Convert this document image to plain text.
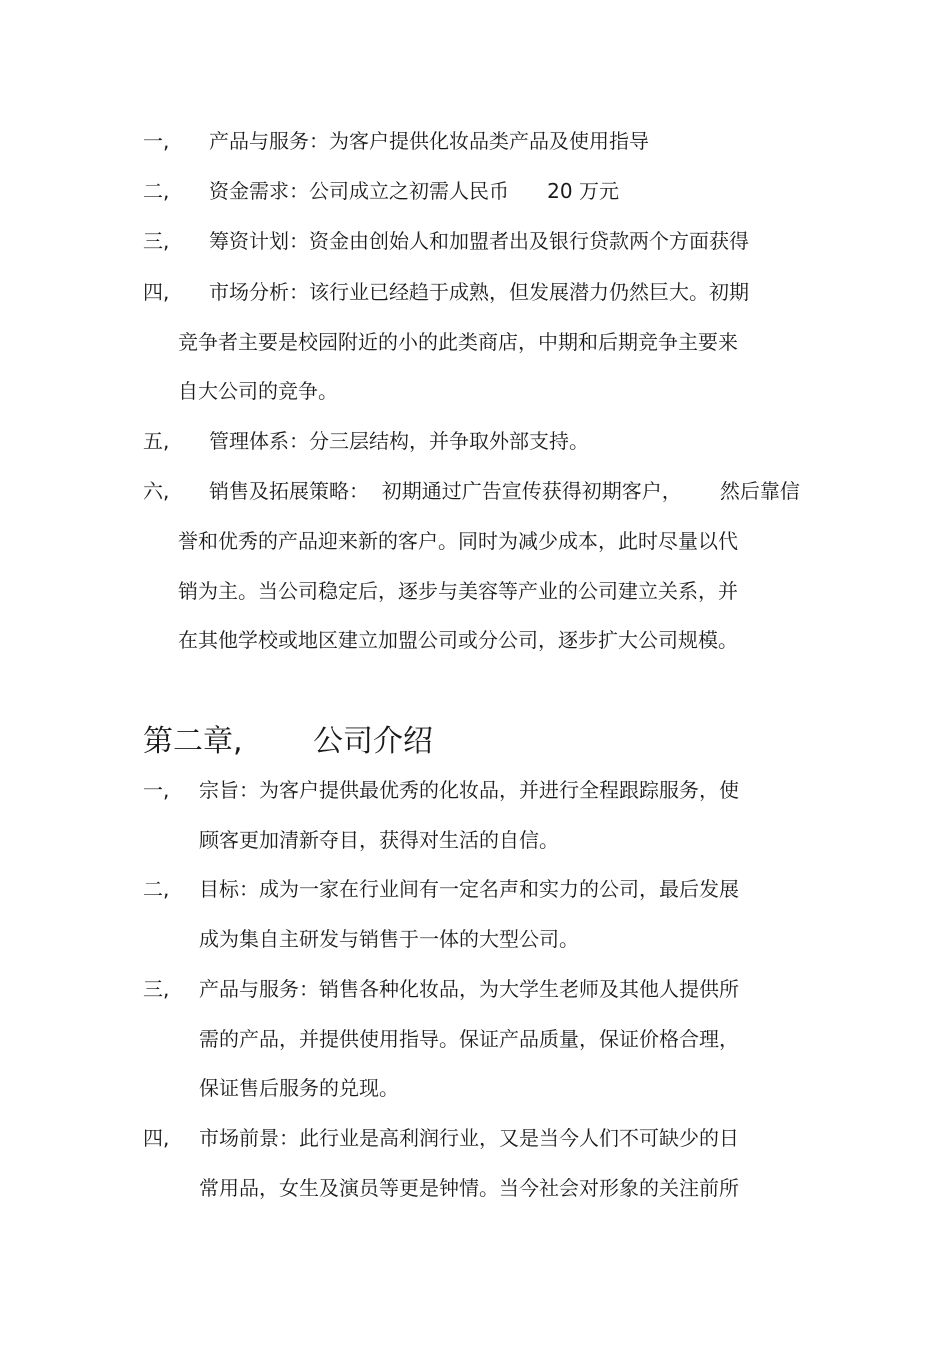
一, 产品与服务：为客户提供化妆品类产品及使用指导
二, 资金需求：公司成立之初需人民币      20 万元
三, 筹资计划：资金由创始人和加盟者出及银行贷款两个方面获得
四, 市场分析：该行业已经趋于成熟，但发展潜力仍然巨大。初期
竞争者主要是校园附近的小的此类商店，中期和后期竞争主要来
自大公司的竞争。
五, 管理体系：分三层结构，并争取外部支持。
六, 销售及拓展策略：  初期通过广告宣传获得初期客户，      然后靠信
誉和优秀的产品迎来新的客户。同时为减少成本，此时尽量以代
销为主。当公司稳定后，逐步与美容等产业的公司建立关系，并
在其他学校或地区建立加盟公司或分公司，逐步扩大公司规模。
第二章, 公司介绍
一, 宗旨：为客户提供最优秀的化妆品，并进行全程跟踪服务，使
顾客更加清新夺目，获得对生活的自信。
二, 目标：成为一家在行业间有一定名声和实力的公司，最后发展
成为集自主研发与销售于一体的大型公司。
三, 产品与服务：销售各种化妆品，为大学生老师及其他人提供所
需的产品，并提供使用指导。保证产品质量，保证价格合理，
保证售后服务的兑现。
四, 市场前景：此行业是高利润行业，又是当今人们不可缺少的日
常用品，女生及演员等更是钟情。当今社会对形象的关注前所
